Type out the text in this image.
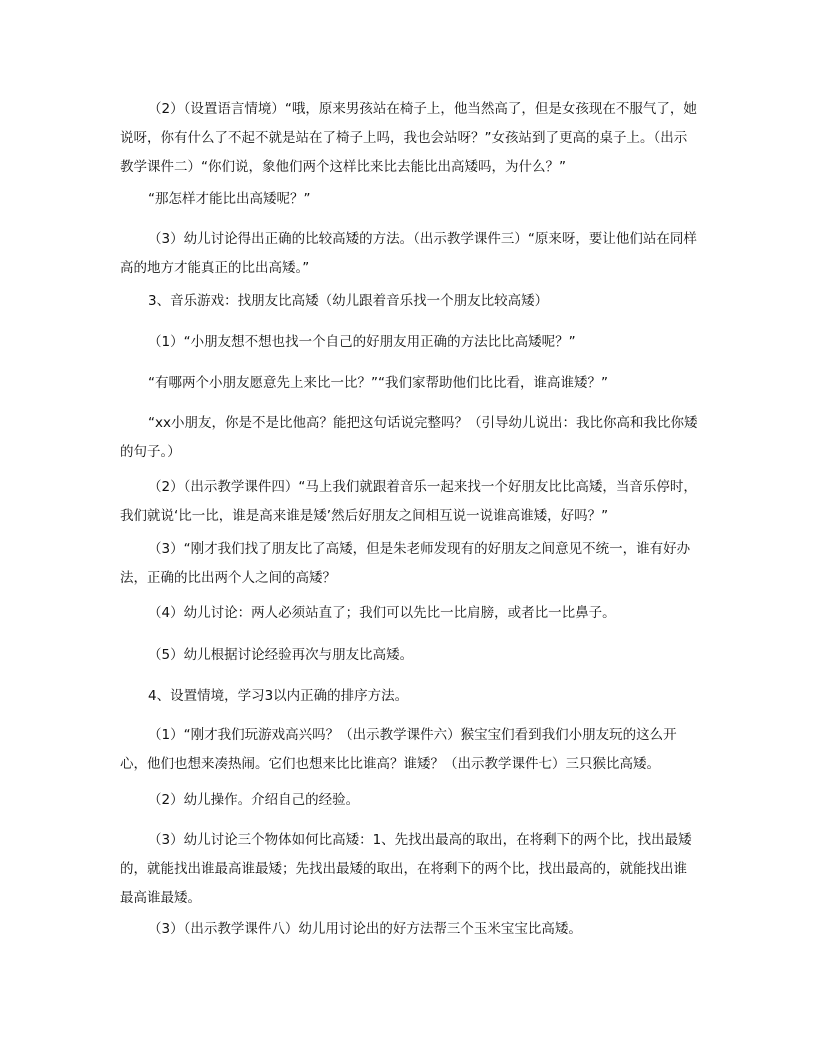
（2）（设置语言情境）“哦，原来男孩站在椅子上，他当然高了，但是女孩现在不服气了，她说呀，你有什么了不起不就是站在了椅子上吗，我也会站呀？”女孩站到了更高的桌子上。（出示教学课件二）“你们说，象他们两个这样比来比去能比出高矮吗，为什么？”

“那怎样才能比出高矮呢？”

（3）幼儿讨论得出正确的比较高矮的方法。（出示教学课件三）“原来呀，要让他们站在同样高的地方才能真正的比出高矮。”

3、音乐游戏：找朋友比高矮（幼儿跟着音乐找一个朋友比较高矮）

（1）“小朋友想不想也找一个自己的好朋友用正确的方法比比高矮呢？”

“有哪两个小朋友愿意先上来比一比？”“我们家帮助他们比比看，谁高谁矮？”

“xx小朋友，你是不是比他高？能把这句话说完整吗？（引导幼儿说出：我比你高和我比你矮的句子。）

（2）（出示教学课件四）“马上我们就跟着音乐一起来找一个好朋友比比高矮，当音乐停时，我们就说‘比一比，谁是高来谁是矮’然后好朋友之间相互说一说谁高谁矮，好吗？”

（3）“刚才我们找了朋友比了高矮，但是朱老师发现有的好朋友之间意见不统一，谁有好办法，正确的比出两个人之间的高矮？

（4）幼儿讨论：两人必须站直了；我们可以先比一比肩膀，或者比一比鼻子。

（5）幼儿根据讨论经验再次与朋友比高矮。

4、设置情境，学习3以内正确的排序方法。

（1）“刚才我们玩游戏高兴吗？（出示教学课件六）猴宝宝们看到我们小朋友玩的这么开心，他们也想来凑热闹。它们也想来比比谁高？谁矮？（出示教学课件七）三只猴比高矮。

（2）幼儿操作。介绍自己的经验。

（3）幼儿讨论三个物体如何比高矮：1、先找出最高的取出，在将剩下的两个比，找出最矮的，就能找出谁最高谁最矮；先找出最矮的取出，在将剩下的两个比，找出最高的，就能找出谁最高谁最矮。

（3）（出示教学课件八）幼儿用讨论出的好方法帮三个玉米宝宝比高矮。
